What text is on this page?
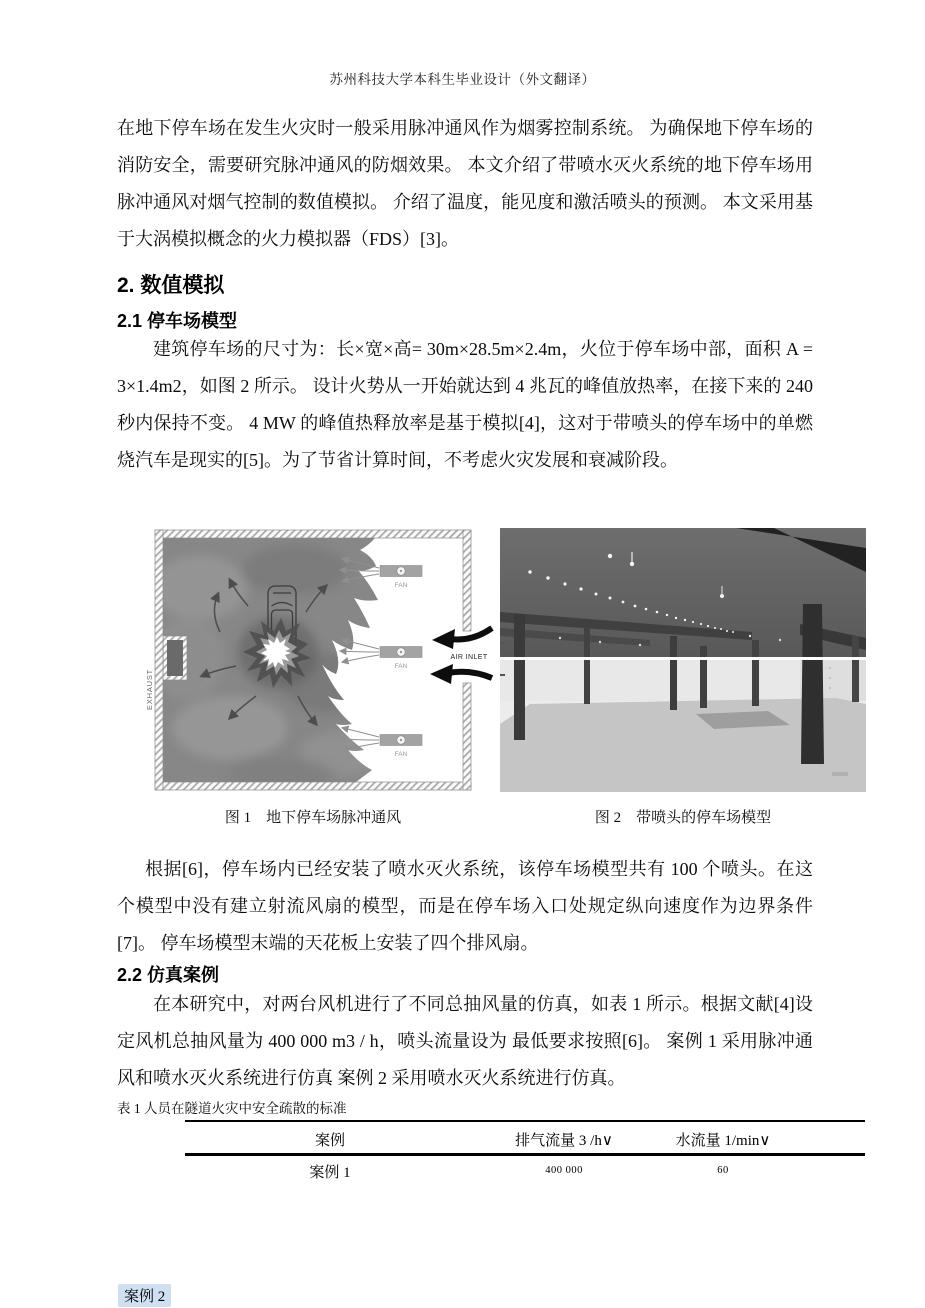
苏州科技大学本科生毕业设计（外文翻译）
在地下停车场在发生火灾时一般采用脉冲通风作为烟雾控制系统。 为确保地下停车场的消防安全，需要研究脉冲通风的防烟效果。 本文介绍了带喷水灭火系统的地下停车场用脉冲通风对烟气控制的数值模拟。 介绍了温度，能见度和激活喷头的预测。 本文采用基于大涡模拟概念的火力模拟器（FDS）[3]。
2. 数值模拟
2.1 停车场模型
建筑停车场的尺寸为：长×宽×高= 30m×28.5m×2.4m，火位于停车场中部，面积 A = 3×1.4m2，如图 2 所示。 设计火势从一开始就达到 4 兆瓦的峰值放热率，在接下来的 240 秒内保持不变。 4 MW 的峰值热释放率是基于模拟[4]，这对于带喷头的停车场中的单燃烧汽车是现实的[5]。为了节省计算时间，不考虑火灾发展和衰减阶段。
EXHAUST
FAN
FAN
FAN
AIR INLET
图 1　地下停车场脉冲通风	图 2　带喷头的停车场模型
根据[6]，停车场内已经安装了喷水灭火系统，该停车场模型共有 100 个喷头。在这个模型中没有建立射流风扇的模型，而是在停车场入口处规定纵向速度作为边界条件[7]。 停车场模型末端的天花板上安装了四个排风扇。
2.2 仿真案例
在本研究中，对两台风机进行了不同总抽风量的仿真，如表 1 所示。根据文献[4]设定风机总抽风量为 400 000 m3 / h，喷头流量设为 最低要求按照[6]。 案例 1 采用脉冲通风和喷水灭火系统进行仿真 案例 2 采用喷水灭火系统进行仿真。
表 1 人员在隧道火灾中安全疏散的标准
案例	排气流量 3 /h∨	水流量 1/min∨
案例 1	400 000	60
案例 2
